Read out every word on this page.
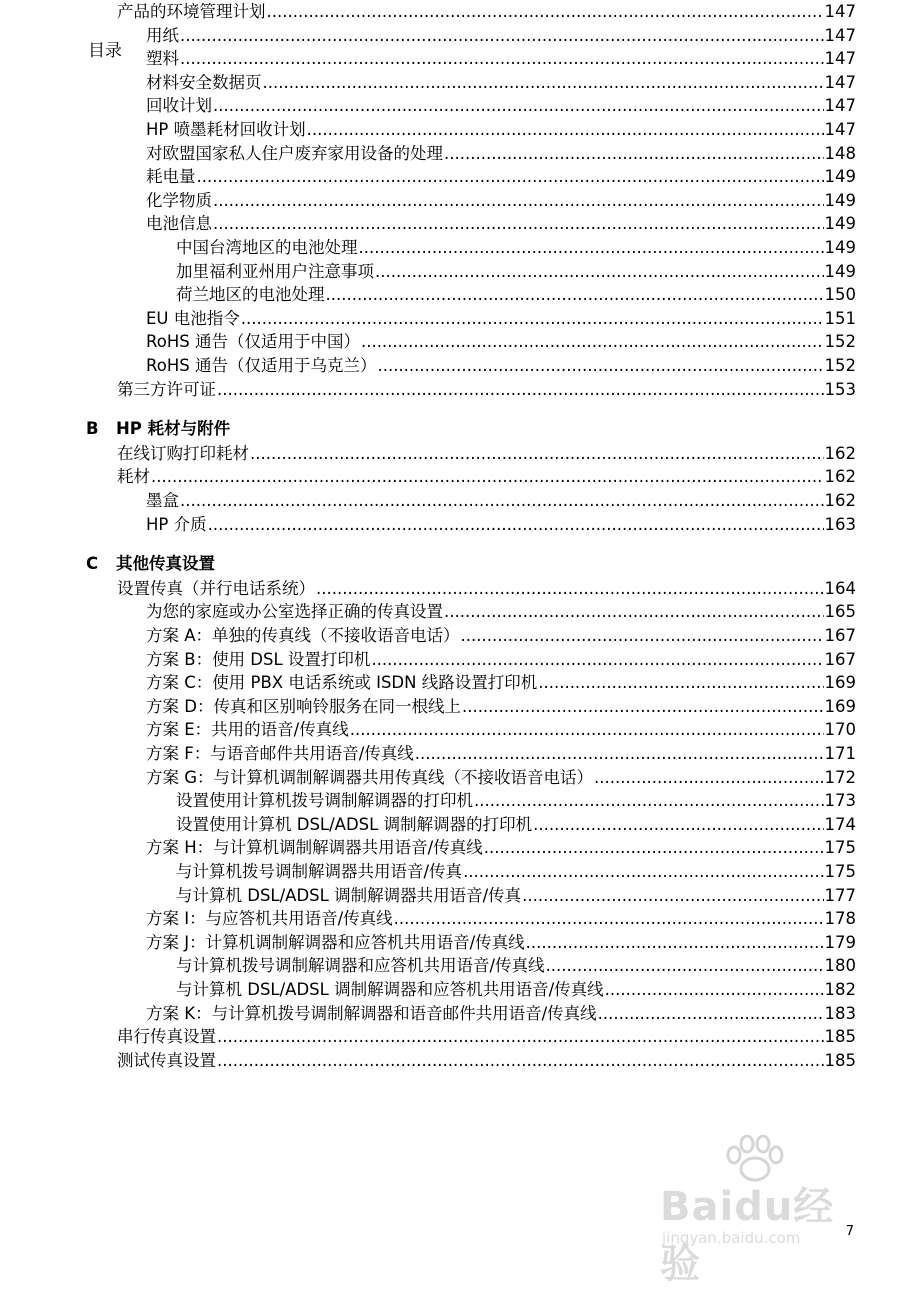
目录
产品的环境管理计划 .....	147
用纸 .....	147
塑料 .....	147
材料安全数据页 .....	147
回收计划 .....	147
HP 喷墨耗材回收计划 .....	147
对欧盟国家私人住户废弃家用设备的处理 .....	148
耗电量 .....	149
化学物质 .....	149
电池信息 .....	149
中国台湾地区的电池处理 .....	149
加里福利亚州用户注意事项 .....	149
荷兰地区的电池处理 .....	150
EU 电池指令 .....	151
RoHS 通告（仅适用于中国） .....	152
RoHS 通告（仅适用于乌克兰） .....	152
第三方许可证 .....	153
B HP 耗材与附件
在线订购打印耗材 .....	162
耗材 .....	162
墨盒 .....	162
HP 介质 .....	163
C 其他传真设置
设置传真（并行电话系统） .....	164
为您的家庭或办公室选择正确的传真设置 .....	165
方案 A：单独的传真线（不接收语音电话） .....	167
方案 B：使用 DSL 设置打印机 .....	167
方案 C：使用 PBX 电话系统或 ISDN 线路设置打印机 .....	169
方案 D：传真和区别响铃服务在同一根线上 .....	169
方案 E：共用的语音/传真线 .....	170
方案 F：与语音邮件共用语音/传真线 .....	171
方案 G：与计算机调制解调器共用传真线（不接收语音电话） .....	172
设置使用计算机拨号调制解调器的打印机 .....	173
设置使用计算机 DSL/ADSL 调制解调器的打印机 .....	174
方案 H：与计算机调制解调器共用语音/传真线 .....	175
与计算机拨号调制解调器共用语音/传真 .....	175
与计算机 DSL/ADSL 调制解调器共用语音/传真 .....	177
方案 I：与应答机共用语音/传真线 .....	178
方案 J：计算机调制解调器和应答机共用语音/传真线 .....	179
与计算机拨号调制解调器和应答机共用语音/传真线 .....	180
与计算机 DSL/ADSL 调制解调器和应答机共用语音/传真线 .....	182
方案 K：与计算机拨号调制解调器和语音邮件共用语音/传真线 .....	183
串行传真设置 .....	185
测试传真设置 .....	185
7
Baidu经验
jingyan.baidu.com
